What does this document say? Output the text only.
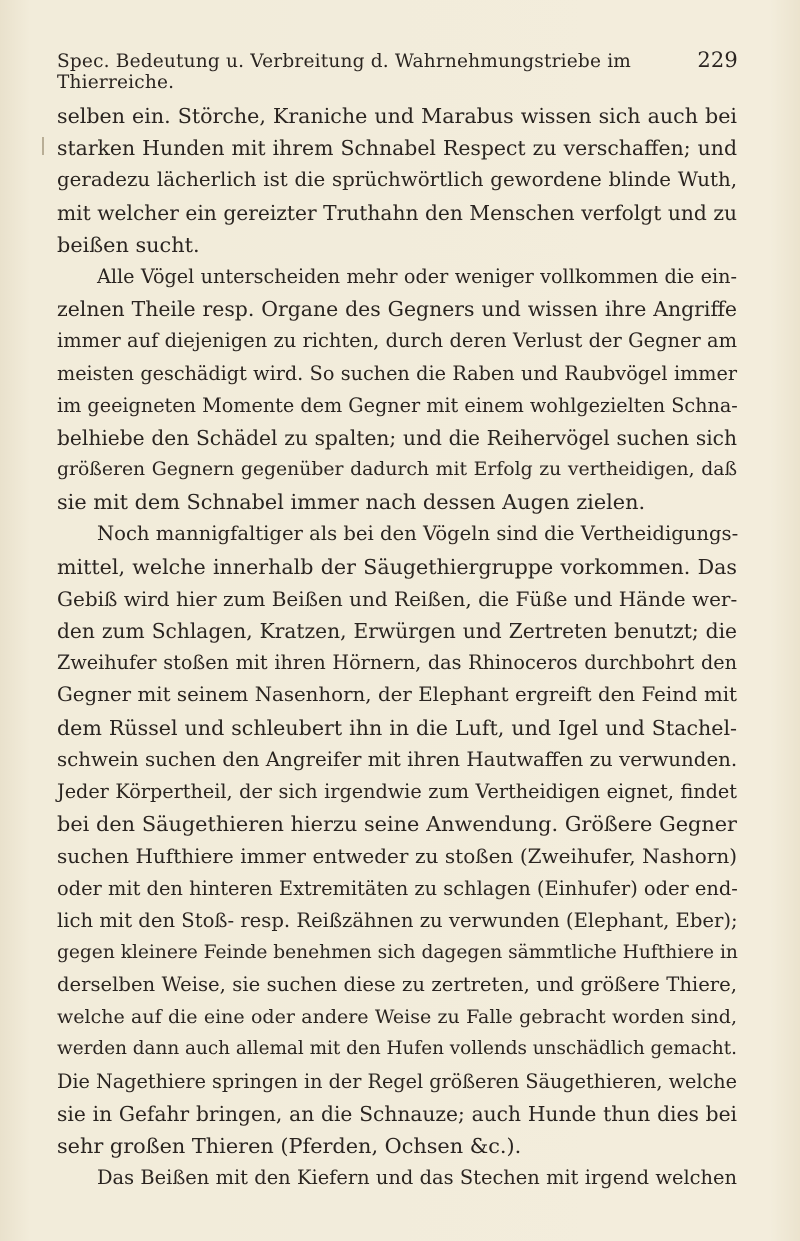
Spec. Bedeutung u. Verbreitung d. Wahrnehmungstriebe im Thierreiche.
229
selben ein. Störche, Kraniche und Marabus wissen sich auch bei
starken Hunden mit ihrem Schnabel Respect zu verschaffen; und
geradezu lächerlich ist die sprüchwörtlich gewordene blinde Wuth,
mit welcher ein gereizter Truthahn den Menschen verfolgt und zu
beißen sucht.
Alle Vögel unterscheiden mehr oder weniger vollkommen die ein-
zelnen Theile resp. Organe des Gegners und wissen ihre Angriffe
immer auf diejenigen zu richten, durch deren Verlust der Gegner am
meisten geschädigt wird. So suchen die Raben und Raubvögel immer
im geeigneten Momente dem Gegner mit einem wohlgezielten Schna-
belhiebe den Schädel zu spalten; und die Reihervögel suchen sich
größeren Gegnern gegenüber dadurch mit Erfolg zu vertheidigen, daß
sie mit dem Schnabel immer nach dessen Augen zielen.
Noch mannigfaltiger als bei den Vögeln sind die Vertheidigungs-
mittel, welche innerhalb der Säugethiergruppe vorkommen. Das
Gebiß wird hier zum Beißen und Reißen, die Füße und Hände wer-
den zum Schlagen, Kratzen, Erwürgen und Zertreten benutzt; die
Zweihufer stoßen mit ihren Hörnern, das Rhinoceros durchbohrt den
Gegner mit seinem Nasenhorn, der Elephant ergreift den Feind mit
dem Rüssel und schleubert ihn in die Luft, und Igel und Stachel-
schwein suchen den Angreifer mit ihren Hautwaffen zu verwunden.
Jeder Körpertheil, der sich irgendwie zum Vertheidigen eignet, findet
bei den Säugethieren hierzu seine Anwendung. Größere Gegner
suchen Hufthiere immer entweder zu stoßen (Zweihufer, Nashorn)
oder mit den hinteren Extremitäten zu schlagen (Einhufer) oder end-
lich mit den Stoß- resp. Reißzähnen zu verwunden (Elephant, Eber);
gegen kleinere Feinde benehmen sich dagegen sämmtliche Hufthiere in
derselben Weise, sie suchen diese zu zertreten, und größere Thiere,
welche auf die eine oder andere Weise zu Falle gebracht worden sind,
werden dann auch allemal mit den Hufen vollends unschädlich gemacht.
Die Nagethiere springen in der Regel größeren Säugethieren, welche
sie in Gefahr bringen, an die Schnauze; auch Hunde thun dies bei
sehr großen Thieren (Pferden, Ochsen &c.).
Das Beißen mit den Kiefern und das Stechen mit irgend welchen
